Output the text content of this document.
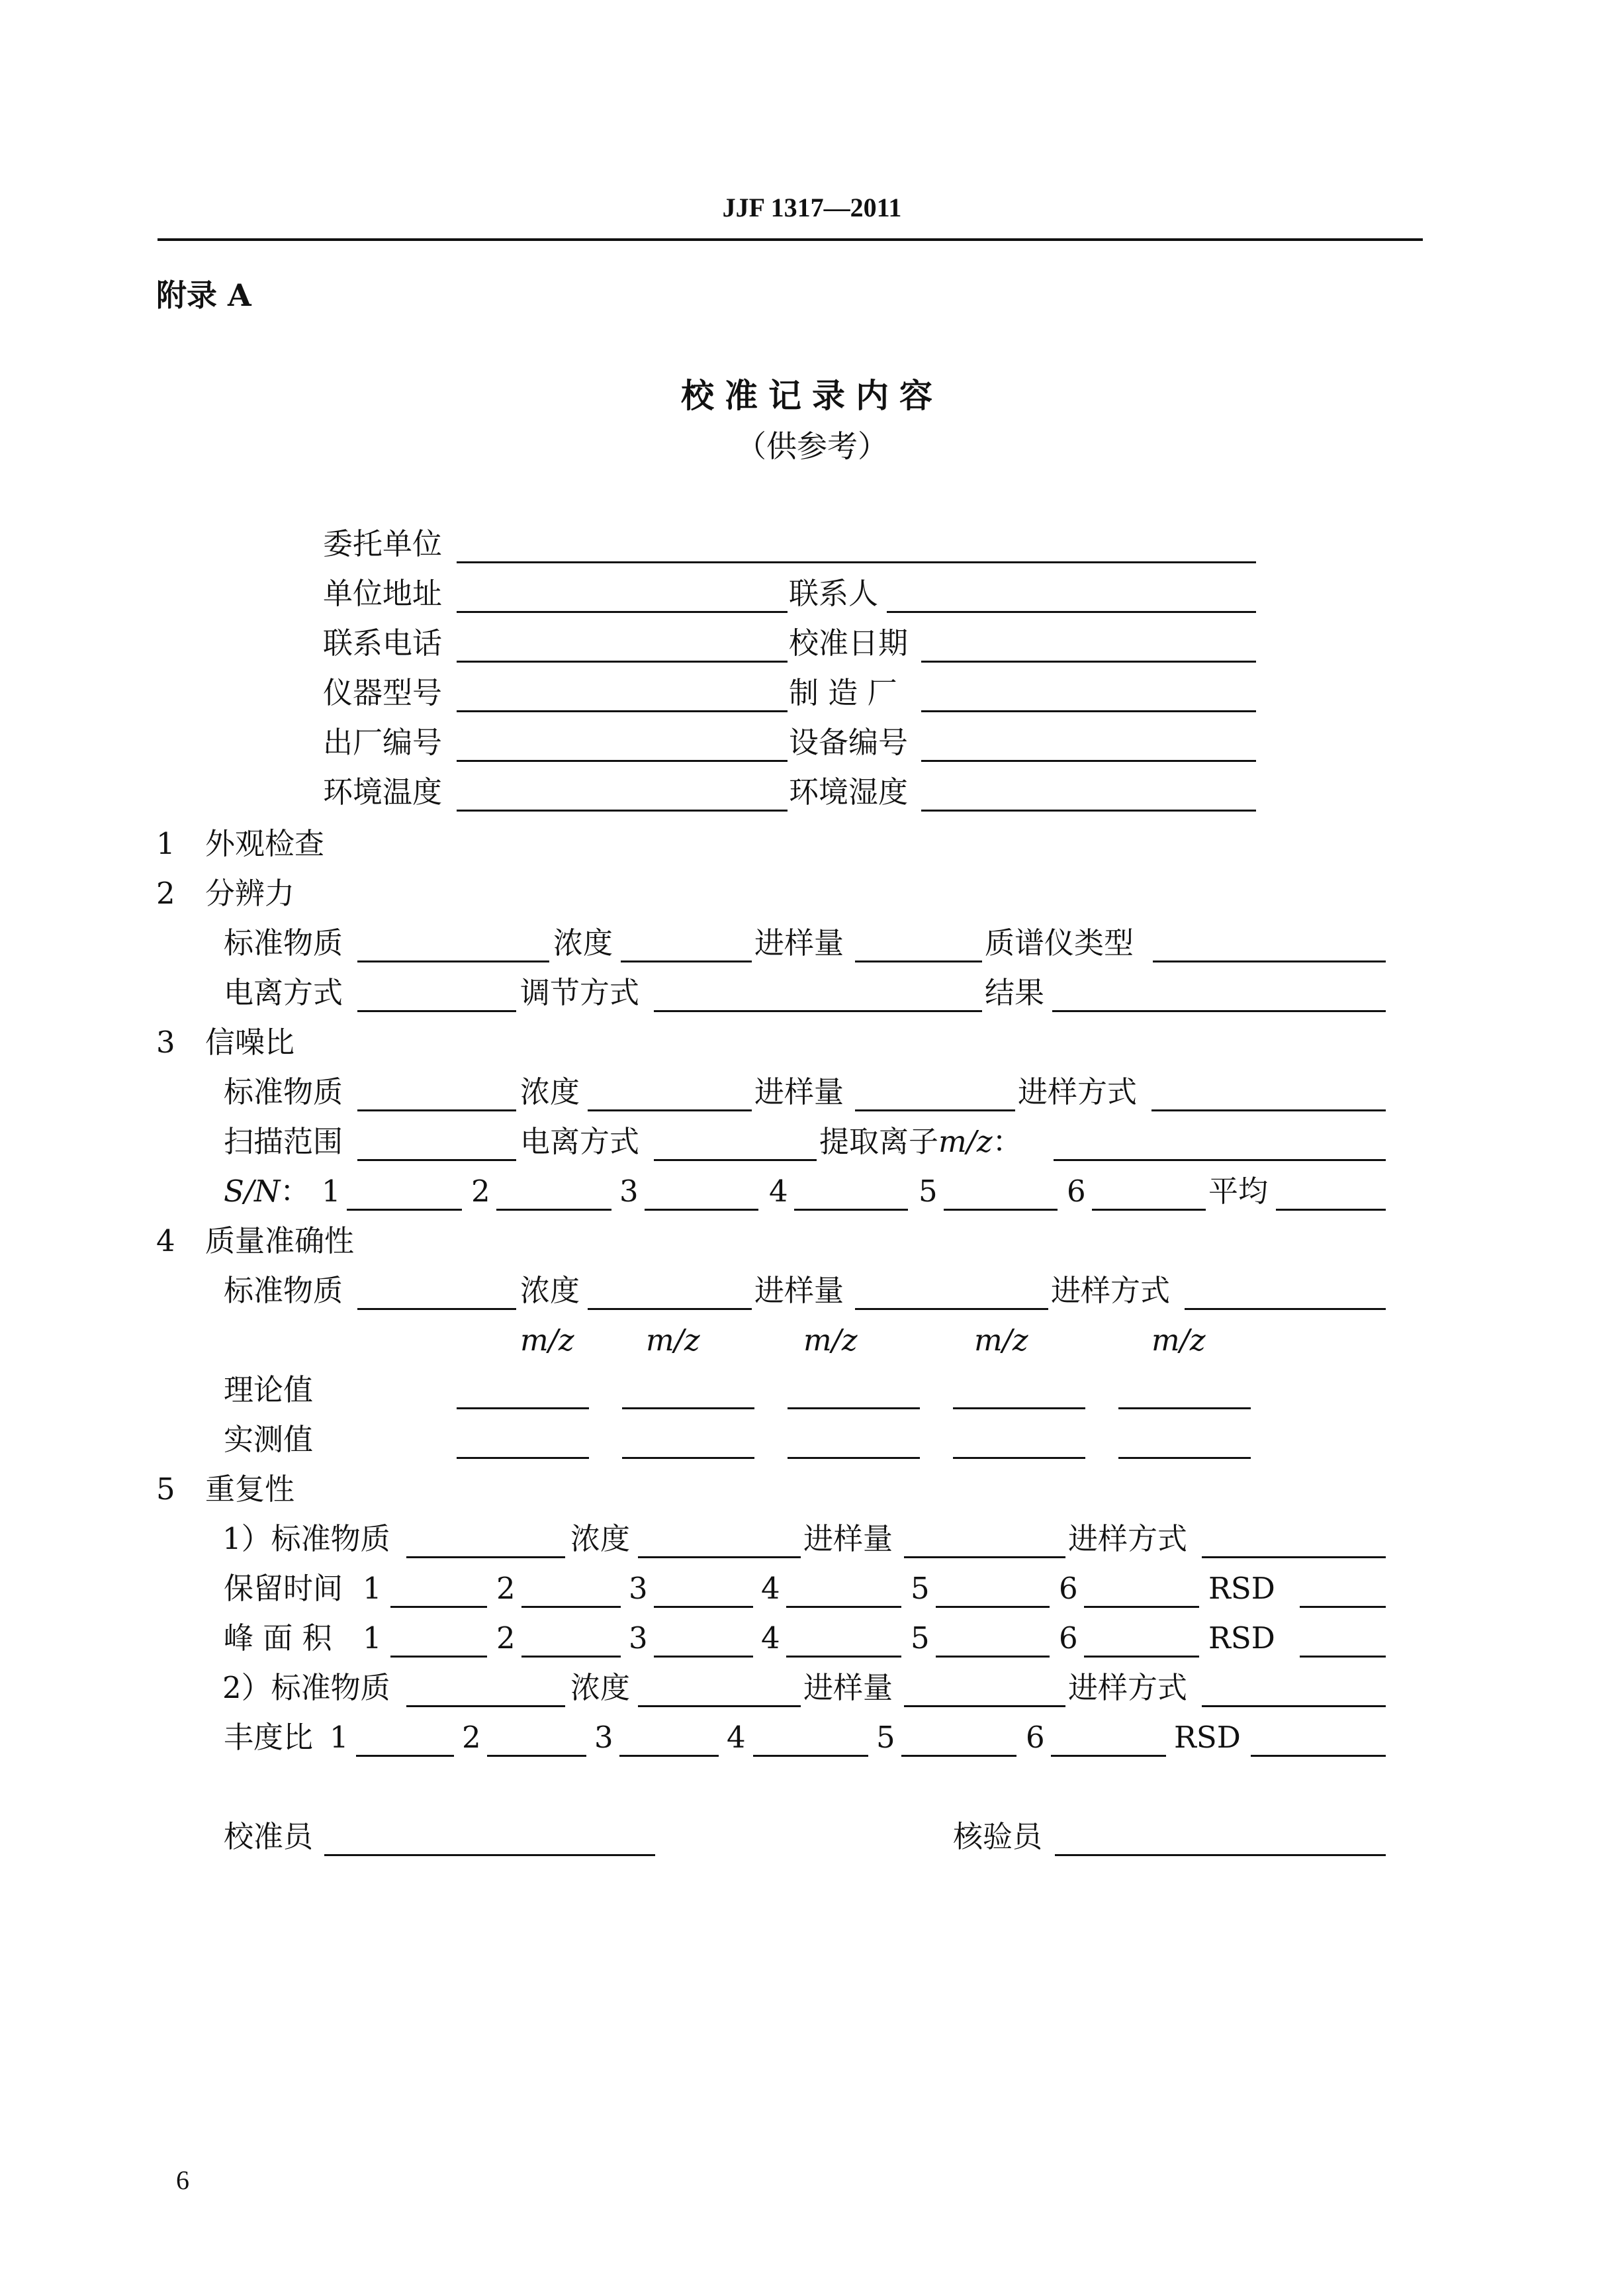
JJF 1317—2011
附录 A
校准记录内容
（供参考）
委托单位
单位地址	联系人
联系电话	校准日期
仪器型号	制 造 厂
出厂编号	设备编号
环境温度	环境湿度
1 外观检查
2 分辨力
标准物质	浓度	进样量	质谱仪类型
电离方式	调节方式	结果
3 信噪比
标准物质	浓度	进样量	进样方式
扫描范围	电离方式	提取离子m/z：
S/N： 1	2	3	4	5	6	平均
4 质量准确性
标准物质	浓度	进样量	进样方式
m/z m/z	m/z	m/z	m/z
理论值
实测值
5 重复性
1）标准物质	浓度	进样量	进样方式
保留时间 1	2	3	4	5	6	RSD
峰 面 积 1	2	3	4	5	6	RSD
2）标准物质	浓度	进样量	进样方式
丰度比 1	2	3	4	5	6	RSD
校准员	核验员
6
